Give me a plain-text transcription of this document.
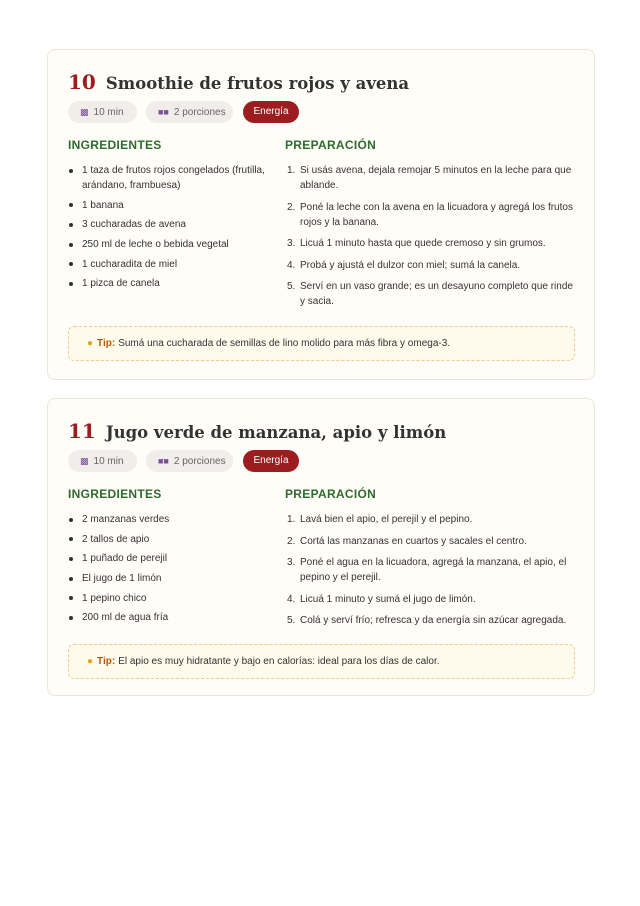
10 Smoothie de frutos rojos y avena
▩ 10 min	■■ 2 porciones	Energía
INGREDIENTES	PREPARACIÓN
1 taza de frutos rojos congelados (frutilla, arándano, frambuesa)
1 banana
3 cucharadas de avena
250 ml de leche o bebida vegetal
1 cucharadita de miel
1 pizca de canela
1. Si usás avena, dejala remojar 5 minutos en la leche para que ablande.
2. Poné la leche con la avena en la licuadora y agregá los frutos rojos y la banana.
3. Licuá 1 minuto hasta que quede cremoso y sin grumos.
4. Probá y ajustá el dulzor con miel; sumá la canela.
5. Serví en un vaso grande; es un desayuno completo que rinde y sacia.
● Tip: Sumá una cucharada de semillas de lino molido para más fibra y omega-3.
11 Jugo verde de manzana, apio y limón
▩ 10 min	■■ 2 porciones	Energía
INGREDIENTES	PREPARACIÓN
2 manzanas verdes
2 tallos de apio
1 puñado de perejil
El jugo de 1 limón
1 pepino chico
200 ml de agua fría
1. Lavá bien el apio, el perejil y el pepino.
2. Cortá las manzanas en cuartos y sacales el centro.
3. Poné el agua en la licuadora, agregá la manzana, el apio, el pepino y el perejil.
4. Licuá 1 minuto y sumá el jugo de limón.
5. Colá y serví frío; refresca y da energía sin azúcar agregada.
● Tip: El apio es muy hidratante y bajo en calorías: ideal para los días de calor.
